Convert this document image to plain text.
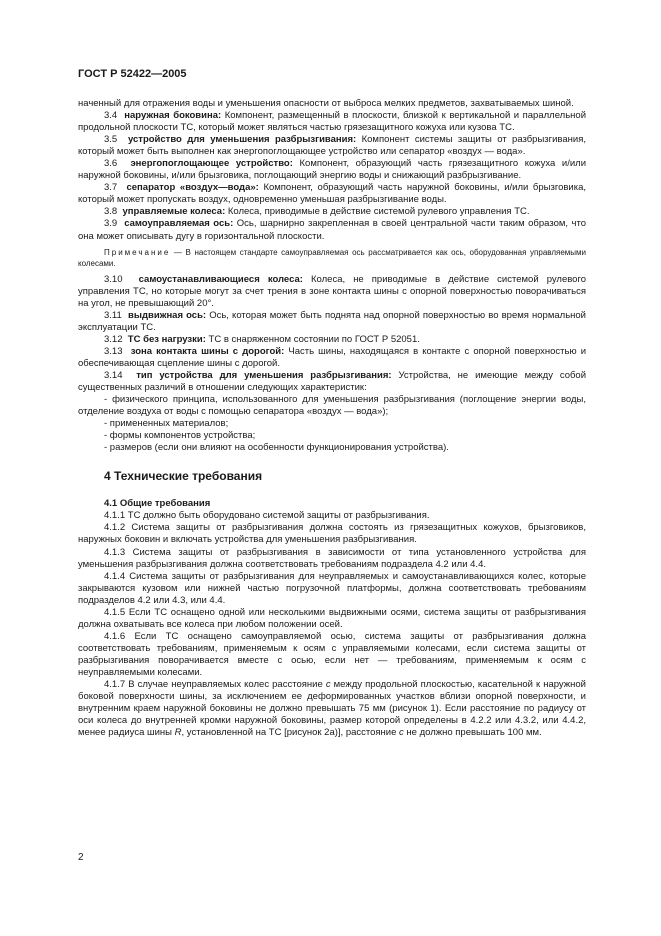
ГОСТ Р 52422—2005

наченный для отражения воды и уменьшения опасности от выброса мелких предметов, захватываемых шиной.

3.4 наружная боковина: Компонент, размещенный в плоскости, близкой к вертикальной и параллельной продольной плоскости ТС, который может являться частью грязезащитного кожуха или кузова ТС.

3.5 устройство для уменьшения разбрызгивания: Компонент системы защиты от разбрызгивания, который может быть выполнен как энергопоглощающее устройство или сепаратор «воздух — вода».

3.6 энергопоглощающее устройство: Компонент, образующий часть грязезащитного кожуха и/или наружной боковины, и/или брызговика, поглощающий энергию воды и снижающий разбрызгивание.

3.7 сепаратор «воздух—вода»: Компонент, образующий часть наружной боковины, и/или брызговика, который может пропускать воздух, одновременно уменьшая разбрызгивание воды.

3.8 управляемые колеса: Колеса, приводимые в действие системой рулевого управления ТС.

3.9 самоуправляемая ось: Ось, шарнирно закрепленная в своей центральной части таким образом, что она может описывать дугу в горизонтальной плоскости.

Примечание — В настоящем стандарте самоуправляемая ось рассматривается как ось, оборудованная управляемыми колесами.

3.10 самоустанавливающиеся колеса: Колеса, не приводимые в действие системой рулевого управления ТС, но которые могут за счет трения в зоне контакта шины с опорной поверхностью поворачиваться на угол, не превышающий 20°.

3.11 выдвижная ось: Ось, которая может быть поднята над опорной поверхностью во время нормальной эксплуатации ТС.

3.12 ТС без нагрузки: ТС в снаряженном состоянии по ГОСТ Р 52051.

3.13 зона контакта шины с дорогой: Часть шины, находящаяся в контакте с опорной поверхностью и обеспечивающая сцепление шины с дорогой.

3.14 тип устройства для уменьшения разбрызгивания: Устройства, не имеющие между собой существенных различий в отношении следующих характеристик:

- физического принципа, использованного для уменьшения разбрызгивания (поглощение энергии воды, отделение воздуха от воды с помощью сепаратора «воздух — вода»);

- примененных материалов;

- формы компонентов устройства;

- размеров (если они влияют на особенности функционирования устройства).

4 Технические требования

4.1 Общие требования

4.1.1 ТС должно быть оборудовано системой защиты от разбрызгивания.

4.1.2 Система защиты от разбрызгивания должна состоять из грязезащитных кожухов, брызговиков, наружных боковин и включать устройства для уменьшения разбрызгивания.

4.1.3 Система защиты от разбрызгивания в зависимости от типа установленного устройства для уменьшения разбрызгивания должна соответствовать требованиям подраздела 4.2 или 4.4.

4.1.4 Система защиты от разбрызгивания для неуправляемых и самоустанавливающихся колес, которые закрываются кузовом или нижней частью погрузочной платформы, должна соответствовать требованиям подразделов 4.2 или 4.3, или 4.4.

4.1.5 Если ТС оснащено одной или несколькими выдвижными осями, система защиты от разбрызгивания должна охватывать все колеса при любом положении осей.

4.1.6 Если ТС оснащено самоуправляемой осью, система защиты от разбрызгивания должна соответствовать требованиям, применяемым к осям с управляемыми колесами, если система защиты от разбрызгивания поворачивается вместе с осью, если нет — требованиям, применяемым к осям с неуправляемыми колесами.

4.1.7 В случае неуправляемых колес расстояние с между продольной плоскостью, касательной к наружной боковой поверхности шины, за исключением ее деформированных участков вблизи опорной поверхности, и внутренним краем наружной боковины не должно превышать 75 мм (рисунок 1). Если расстояние по радиусу от оси колеса до внутренней кромки наружной боковины, размер которой определены в 4.2.2 или 4.3.2, или 4.4.2, менее радиуса шины R, установленной на ТС [рисунок 2а)], расстояние с не должно превышать 100 мм.

2
